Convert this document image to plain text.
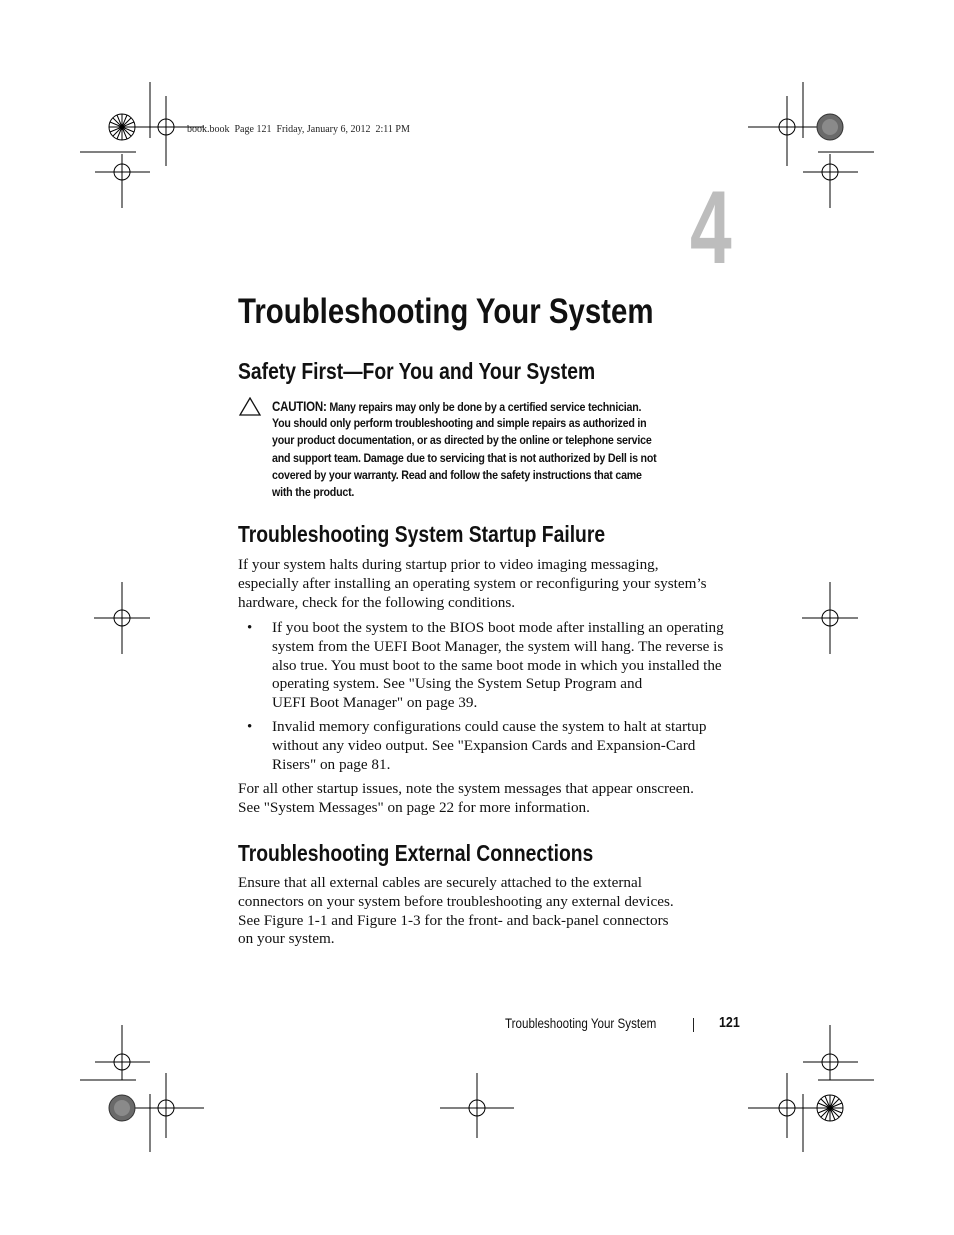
book.book  Page 121  Friday, January 6, 2012  2:11 PM
4
Troubleshooting Your System
Safety First—For You and Your System
CAUTION: Many repairs may only be done by a certified service technician.
You should only perform troubleshooting and simple repairs as authorized in
your product documentation, or as directed by the online or telephone service
and support team. Damage due to servicing that is not authorized by Dell is not
covered by your warranty. Read and follow the safety instructions that came
with the product.
Troubleshooting System Startup Failure
If your system halts during startup prior to video imaging messaging,
especially after installing an operating system or reconfiguring your system’s
hardware, check for the following conditions.
• If you boot the system to the BIOS boot mode after installing an operating
system from the UEFI Boot Manager, the system will hang. The reverse is
also true. You must boot to the same boot mode in which you installed the
operating system. See "Using the System Setup Program and
UEFI Boot Manager" on page 39.
• Invalid memory configurations could cause the system to halt at startup
without any video output. See "Expansion Cards and Expansion-Card
Risers" on page 81.
For all other startup issues, note the system messages that appear onscreen.
See "System Messages" on page 22 for more information.
Troubleshooting External Connections
Ensure that all external cables are securely attached to the external
connectors on your system before troubleshooting any external devices.
See Figure 1-1 and Figure 1-3 for the front- and back-panel connectors
on your system.
Troubleshooting Your System	121
